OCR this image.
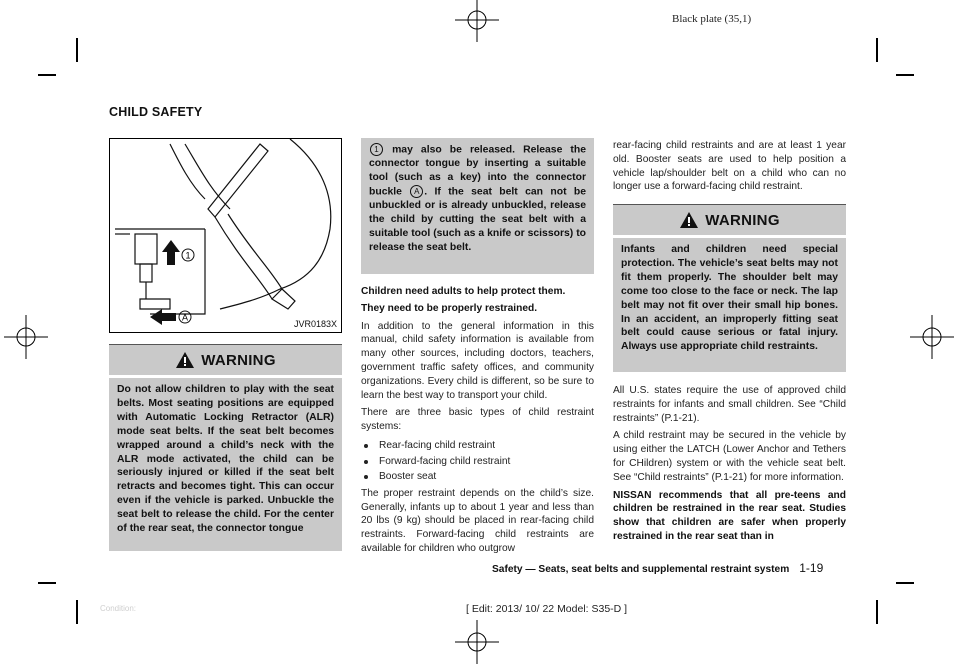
Black plate (35,1)
CHILD SAFETY
1
A
JVR0183X
WARNING

Do not allow children to play with the seat belts. Most seating positions are equipped with Automatic Locking Retractor (ALR) mode seat belts. If the seat belt becomes wrapped around a child’s neck with the ALR mode activated, the child can be seriously injured or killed if the seat belt retracts and becomes tight. This can occur even if the vehicle is parked. Unbuckle the seat belt to release the child. For the center of the rear seat, the connector tongue

1 may also be released. Release the connector tongue by inserting a suitable tool (such as a key) into the connector buckle A . If the seat belt can not be unbuckled or is already unbuckled, release the child by cutting the seat belt with a suitable tool (such as a knife or scissors) to release the seat belt.

Children need adults to help protect them.

They need to be properly restrained.

In addition to the general information in this manual, child safety information is available from many other sources, including doctors, teachers, government traffic safety offices, and community organizations. Every child is different, so be sure to learn the best way to transport your child.

There are three basic types of child restraint systems:

Rear-facing child restraint
Forward-facing child restraint
Booster seat

The proper restraint depends on the child’s size. Generally, infants up to about 1 year and less than 20 lbs (9 kg) should be placed in rear-facing child restraints. Forward-facing child restraints are available for children who outgrow

rear-facing child restraints and are at least 1 year old. Booster seats are used to help position a vehicle lap/shoulder belt on a child who can no longer use a forward-facing child restraint.

WARNING

Infants and children need special protection. The vehicle’s seat belts may not fit them properly. The shoulder belt may come too close to the face or neck. The lap belt may not fit over their small hip bones. In an accident, an improperly fitting seat belt could cause serious or fatal injury. Always use appropriate child restraints.

All U.S. states require the use of approved child restraints for infants and small children. See “Child restraints” (P.1-21).

A child restraint may be secured in the vehicle by using either the LATCH (Lower Anchor and Tethers for CHildren) system or with the vehicle seat belt. See “Child restraints” (P.1-21) for more information.

NISSAN recommends that all pre-teens and children be restrained in the rear seat. Studies show that children are safer when properly restrained in the rear seat than in

Safety — Seats, seat belts and supplemental restraint system 1-19
Condition:	[ Edit: 2013/ 10/ 22 Model: S35-D ]
